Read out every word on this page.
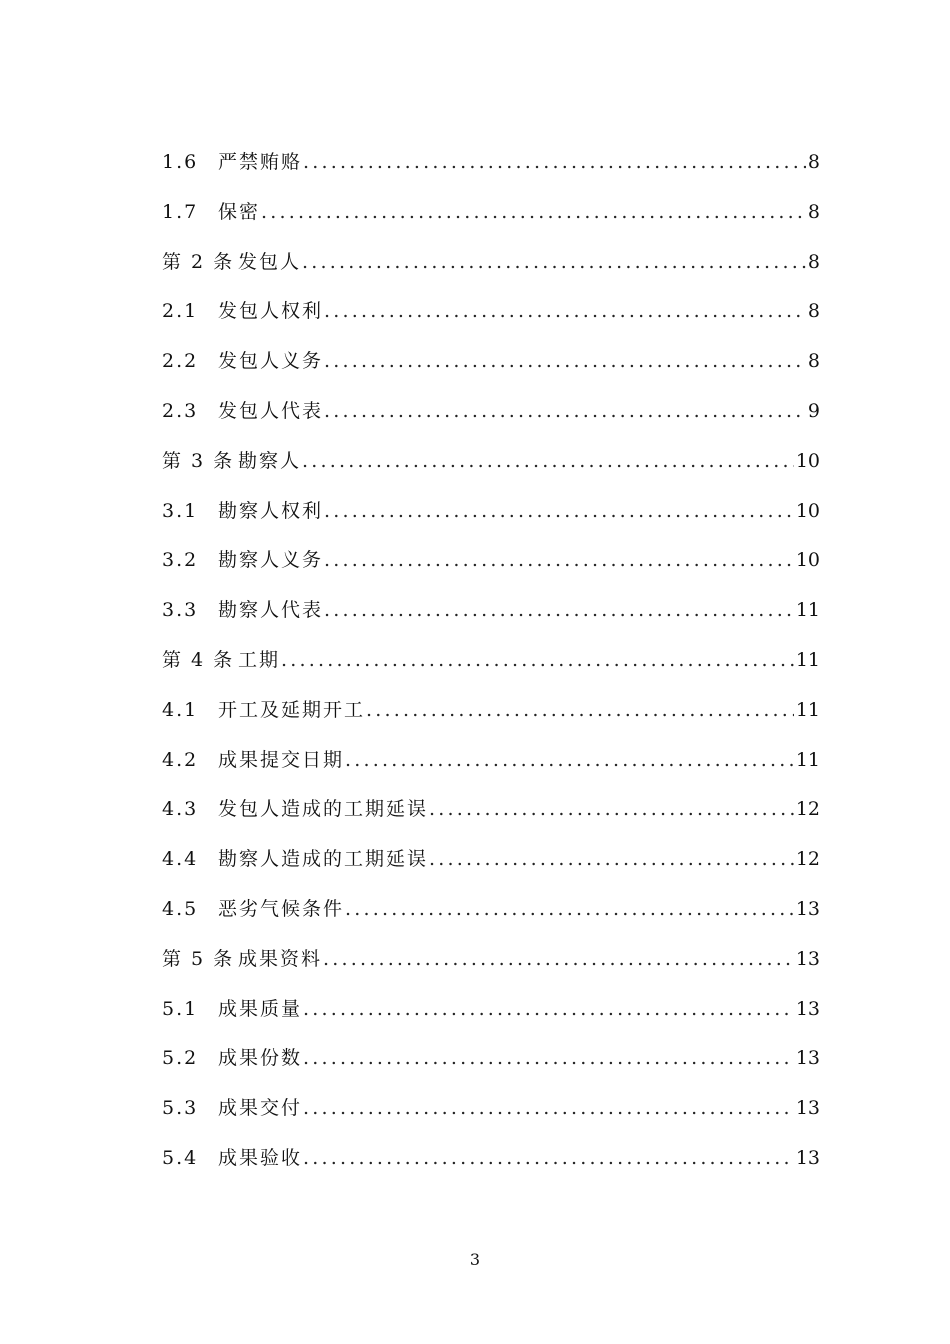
1.6	严禁贿赂 .....	8
1.7	保密 .....	8
第 2 条 发包人 .....	8
2.1	发包人权利 .....	8
2.2	发包人义务 .....	8
2.3	发包人代表 .....	9
第 3 条 勘察人 .....	10
3.1	勘察人权利 .....	10
3.2	勘察人义务 .....	10
3.3	勘察人代表 .....	11
第 4 条 工期 .....	11
4.1	开工及延期开工 .....	11
4.2	成果提交日期 .....	11
4.3	发包人造成的工期延误 .....	12
4.4	勘察人造成的工期延误 .....	12
4.5	恶劣气候条件 .....	13
第 5 条 成果资料 .....	13
5.1	成果质量 .....	13
5.2	成果份数 .....	13
5.3	成果交付 .....	13
5.4	成果验收 .....	13
3
